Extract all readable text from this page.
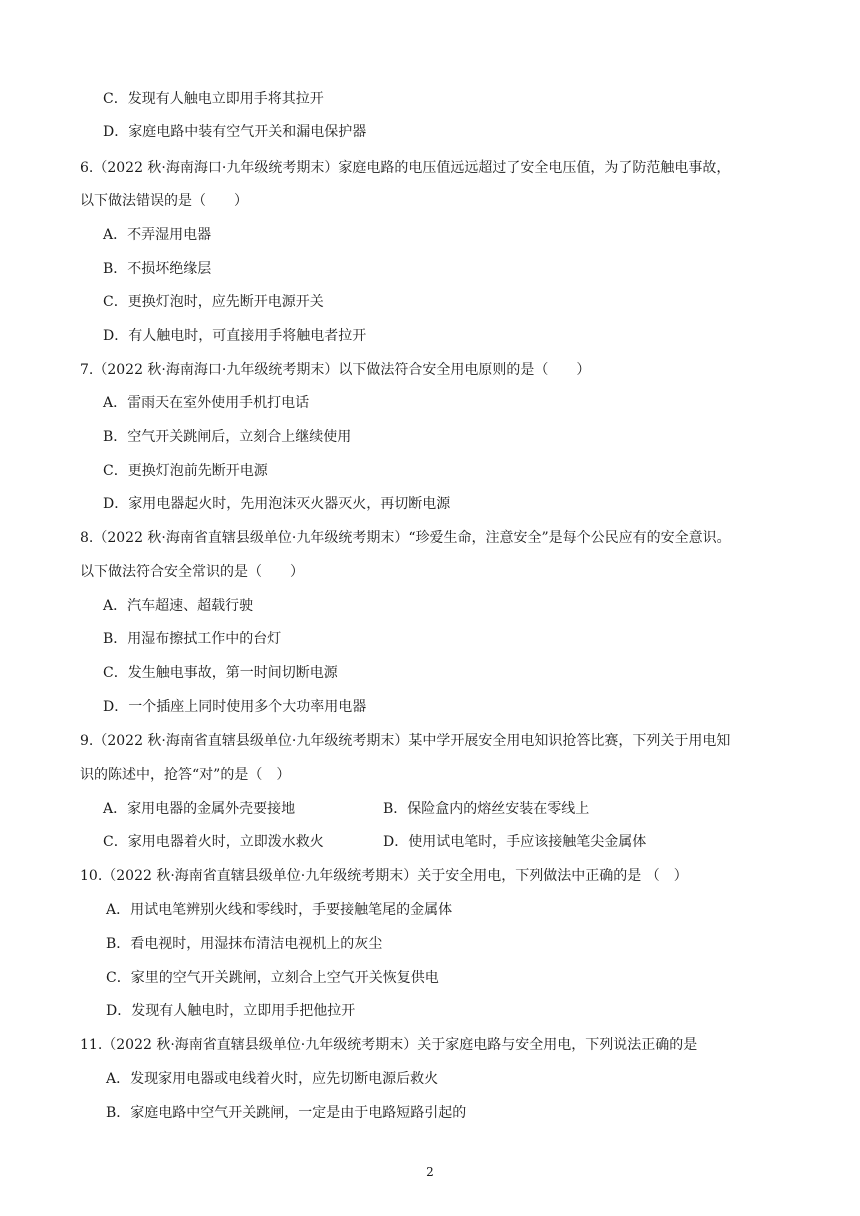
C．发现有人触电立即用手将其拉开
D．家庭电路中装有空气开关和漏电保护器
6.（2022 秋·海南海口·九年级统考期末）家庭电路的电压值远远超过了安全电压值，为了防范触电事故，
以下做法错误的是（　　）
A．不弄湿用电器
B．不损坏绝缘层
C．更换灯泡时，应先断开电源开关
D．有人触电时，可直接用手将触电者拉开
7.（2022 秋·海南海口·九年级统考期末）以下做法符合安全用电原则的是（　　）
A．雷雨天在室外使用手机打电话
B．空气开关跳闸后，立刻合上继续使用
C．更换灯泡前先断开电源
D．家用电器起火时，先用泡沫灭火器灭火，再切断电源
8.（2022 秋·海南省直辖县级单位·九年级统考期末）“珍爱生命，注意安全”是每个公民应有的安全意识。
以下做法符合安全常识的是（　　）
A．汽车超速、超载行驶
B．用湿布擦拭工作中的台灯
C．发生触电事故，第一时间切断电源
D．一个插座上同时使用多个大功率用电器
9.（2022 秋·海南省直辖县级单位·九年级统考期末）某中学开展安全用电知识抢答比赛，下列关于用电知
识的陈述中，抢答“对”的是（　）
A．家用电器的金属外壳要接地	B．保险盒内的熔丝安装在零线上
C．家用电器着火时，立即泼水救火	D．使用试电笔时，手应该接触笔尖金属体
10.（2022 秋·海南省直辖县级单位·九年级统考期末）关于安全用电，下列做法中正确的是 （　）
A．用试电笔辨别火线和零线时，手要接触笔尾的金属体
B．看电视时，用湿抹布清洁电视机上的灰尘
C．家里的空气开关跳闸，立刻合上空气开关恢复供电
D．发现有人触电时，立即用手把他拉开
11.（2022 秋·海南省直辖县级单位·九年级统考期末）关于家庭电路与安全用电，下列说法正确的是
A．发现家用电器或电线着火时，应先切断电源后救火
B．家庭电路中空气开关跳闸，一定是由于电路短路引起的
2
